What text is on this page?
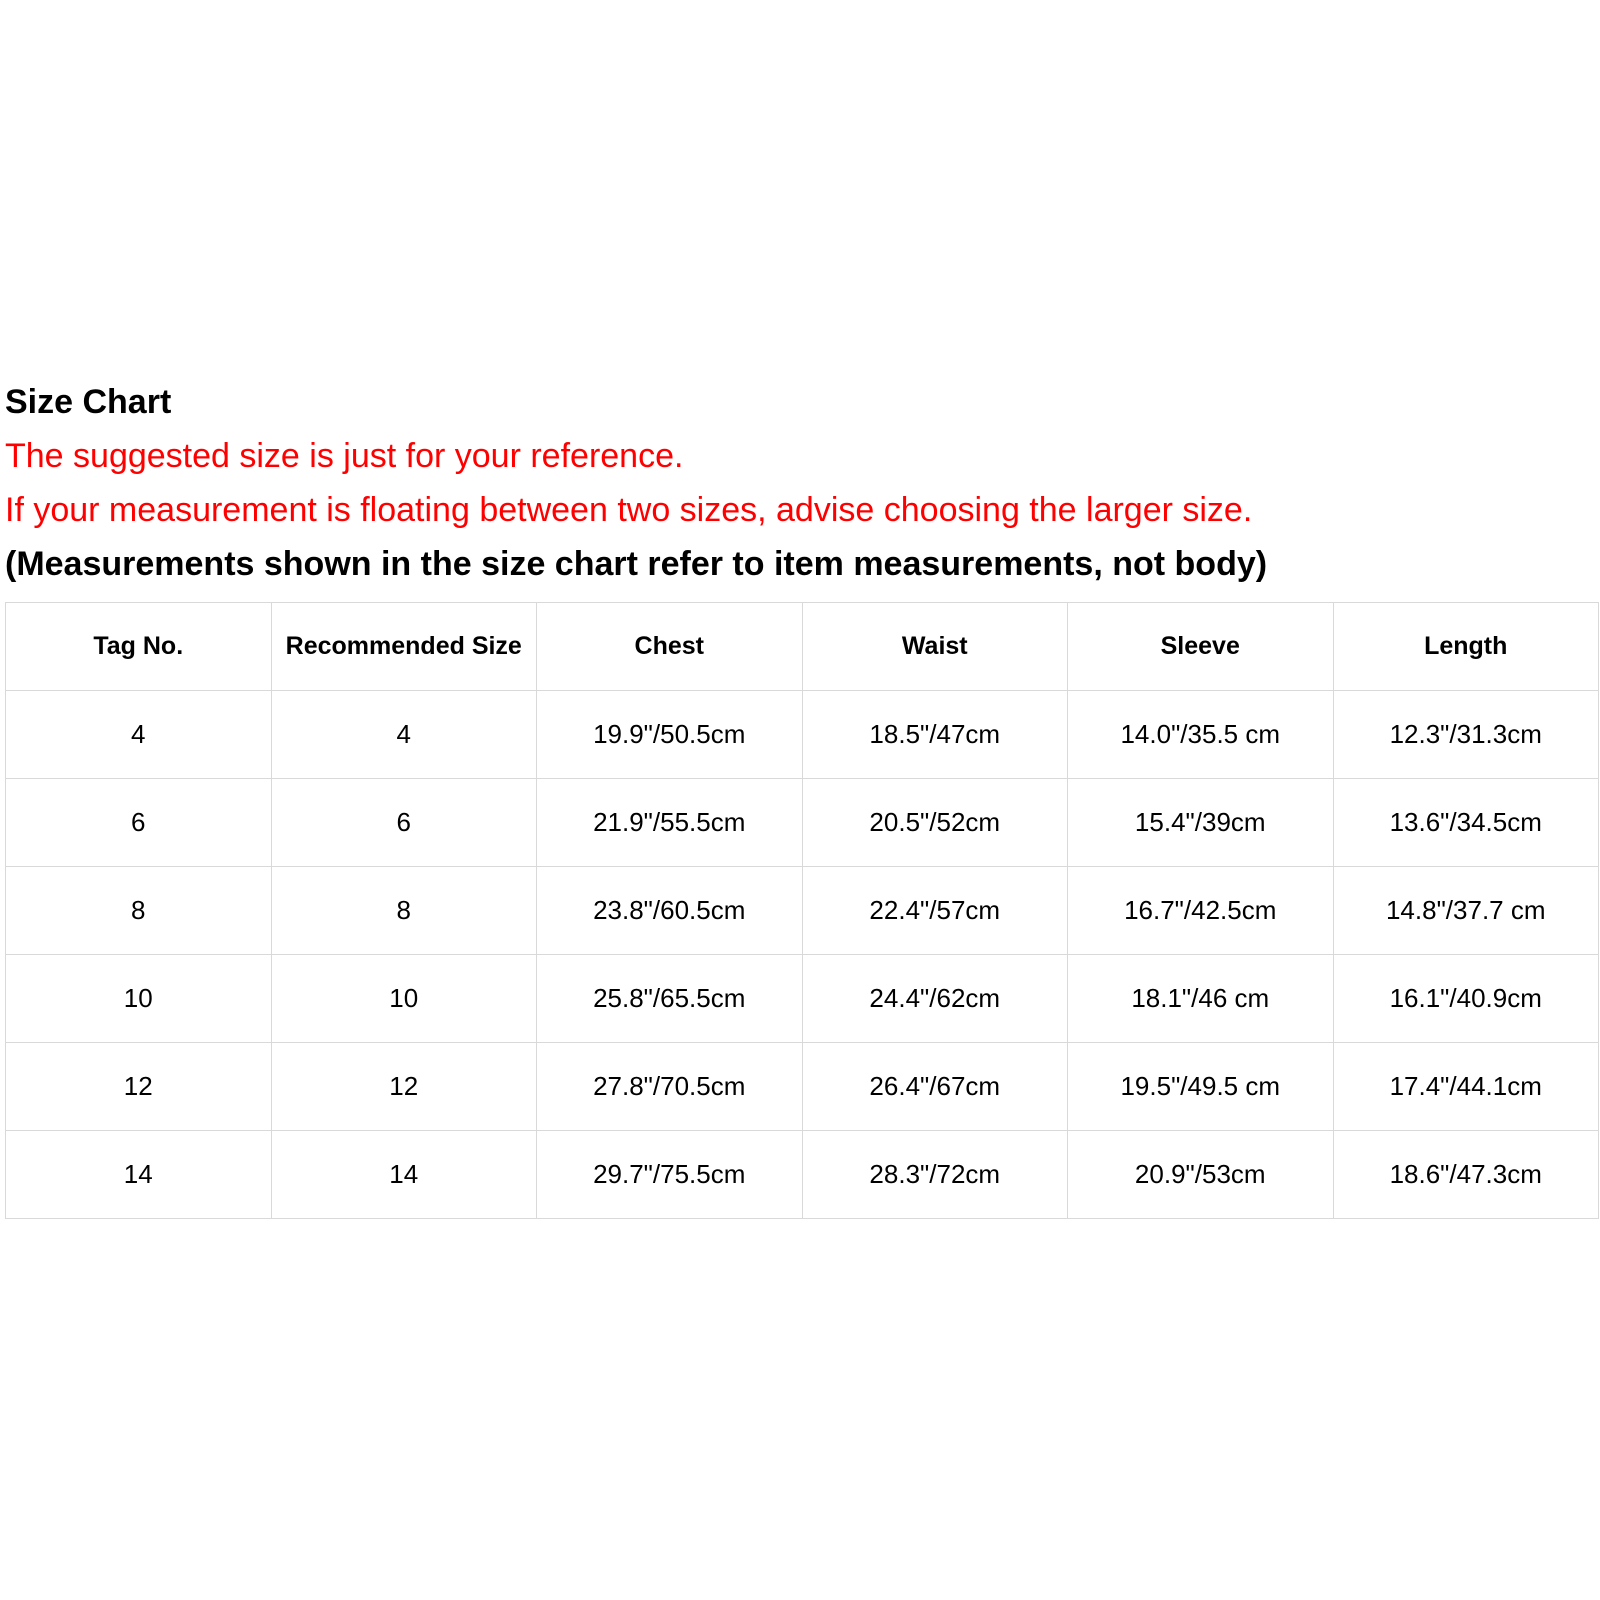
Size Chart

The suggested size is just for your reference.

If your measurement is floating between two sizes, advise choosing the larger size.

(Measurements shown in the size chart refer to item measurements, not body)

Tag No.	Recommended Size	Chest	Waist	Sleeve	Length
4	4	19.9"/50.5cm	18.5"/47cm	14.0"/35.5 cm	12.3"/31.3cm
6	6	21.9"/55.5cm	20.5"/52cm	15.4"/39cm	13.6"/34.5cm
8	8	23.8"/60.5cm	22.4"/57cm	16.7"/42.5cm	14.8"/37.7 cm
10	10	25.8"/65.5cm	24.4"/62cm	18.1"/46 cm	16.1"/40.9cm
12	12	27.8"/70.5cm	26.4"/67cm	19.5"/49.5 cm	17.4"/44.1cm
14	14	29.7"/75.5cm	28.3"/72cm	20.9"/53cm	18.6"/47.3cm
